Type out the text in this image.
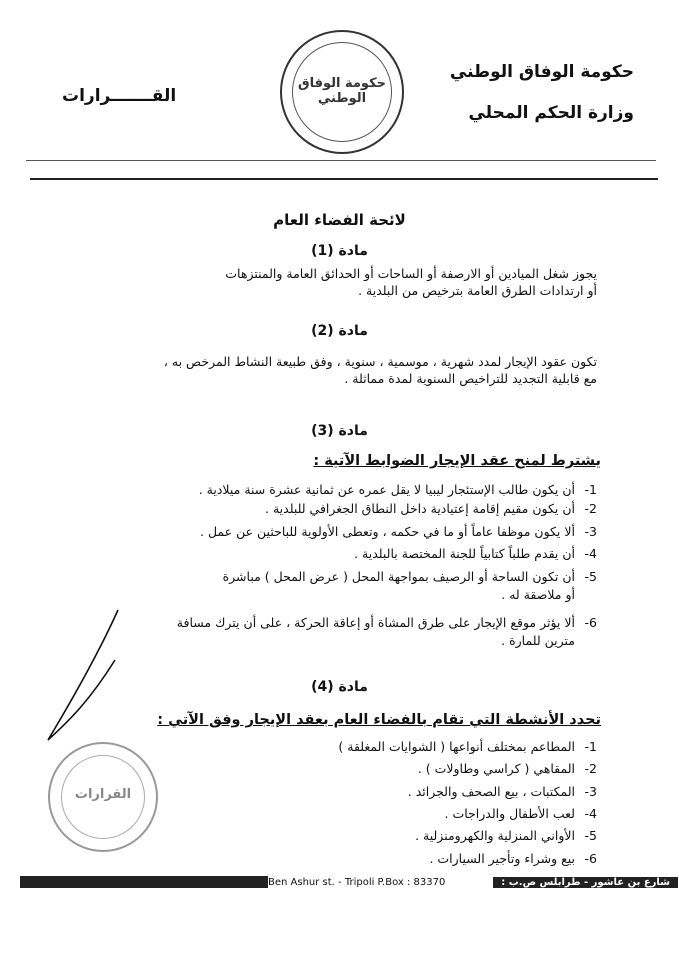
حكومة الوفاق الوطني
وزارة الحكم المحلي
القـــــــرارات
حكومة الوفاق الوطني
لائحة الفضاء العام
مادة (1)
يجوز شغل الميادين أو الارصفة أو الساحات أو الحدائق العامة والمنتزهات
أو ارتدادات الطرق العامة بترخيص من البلدية .
مادة (2)
تكون عقود الإيجار لمدد شهرية ، موسمية ، سنوية ، وفق طبيعة النشاط المرخص به ،
مع قابلية التجديد للتراخيص السنوية لمدة مماثلة .
مادة (3)
يشترط لمنح عقد الإيجار الضوابط الآتية :
1-أن يكون طالب الإستئجار ليبيا لا يقل عمره عن ثمانية عشرة سنة ميلادية .
2-أن يكون مقيم إقامة إعتيادية داخل النطاق الجغرافي للبلدية .
3-ألا يكون موظفا عاماً أو ما في حكمه ، وتعطى الأولوية للباحثين عن عمل .
4-أن يقدم طلباً كتابياً للجنة المختصة بالبلدية .
5-أن تكون الساحة أو الرصيف بمواجهة المحل ( عرض المحل ) مباشرة
أو ملاصقة له .
6-ألا يؤثر موقع الإيجار على طرق المشاة أو إعاقة الحركة ، على أن يترك مسافة
مترين للمارة .
مادة (4)
تحدد الأنشطة التي تقام بالفضاء العام بعقد الإيجار وفق الآتي :
1-المطاعم بمختلف أنواعها ( الشوايات المغلقة )
2-المقاهي ( كراسي وطاولات ) .
3-المكتبات ، بيع الصحف والجرائد .
4-لعب الأطفال والدراجات .
5-الأواني المنزلية والكهرومنزلية .
6-بيع وشراء وتأجير السيارات .
القرارات
Ben Ashur st. - Tripoli P.Box : 83370	شارع بن عاشور - طرابلس ص.ب :
